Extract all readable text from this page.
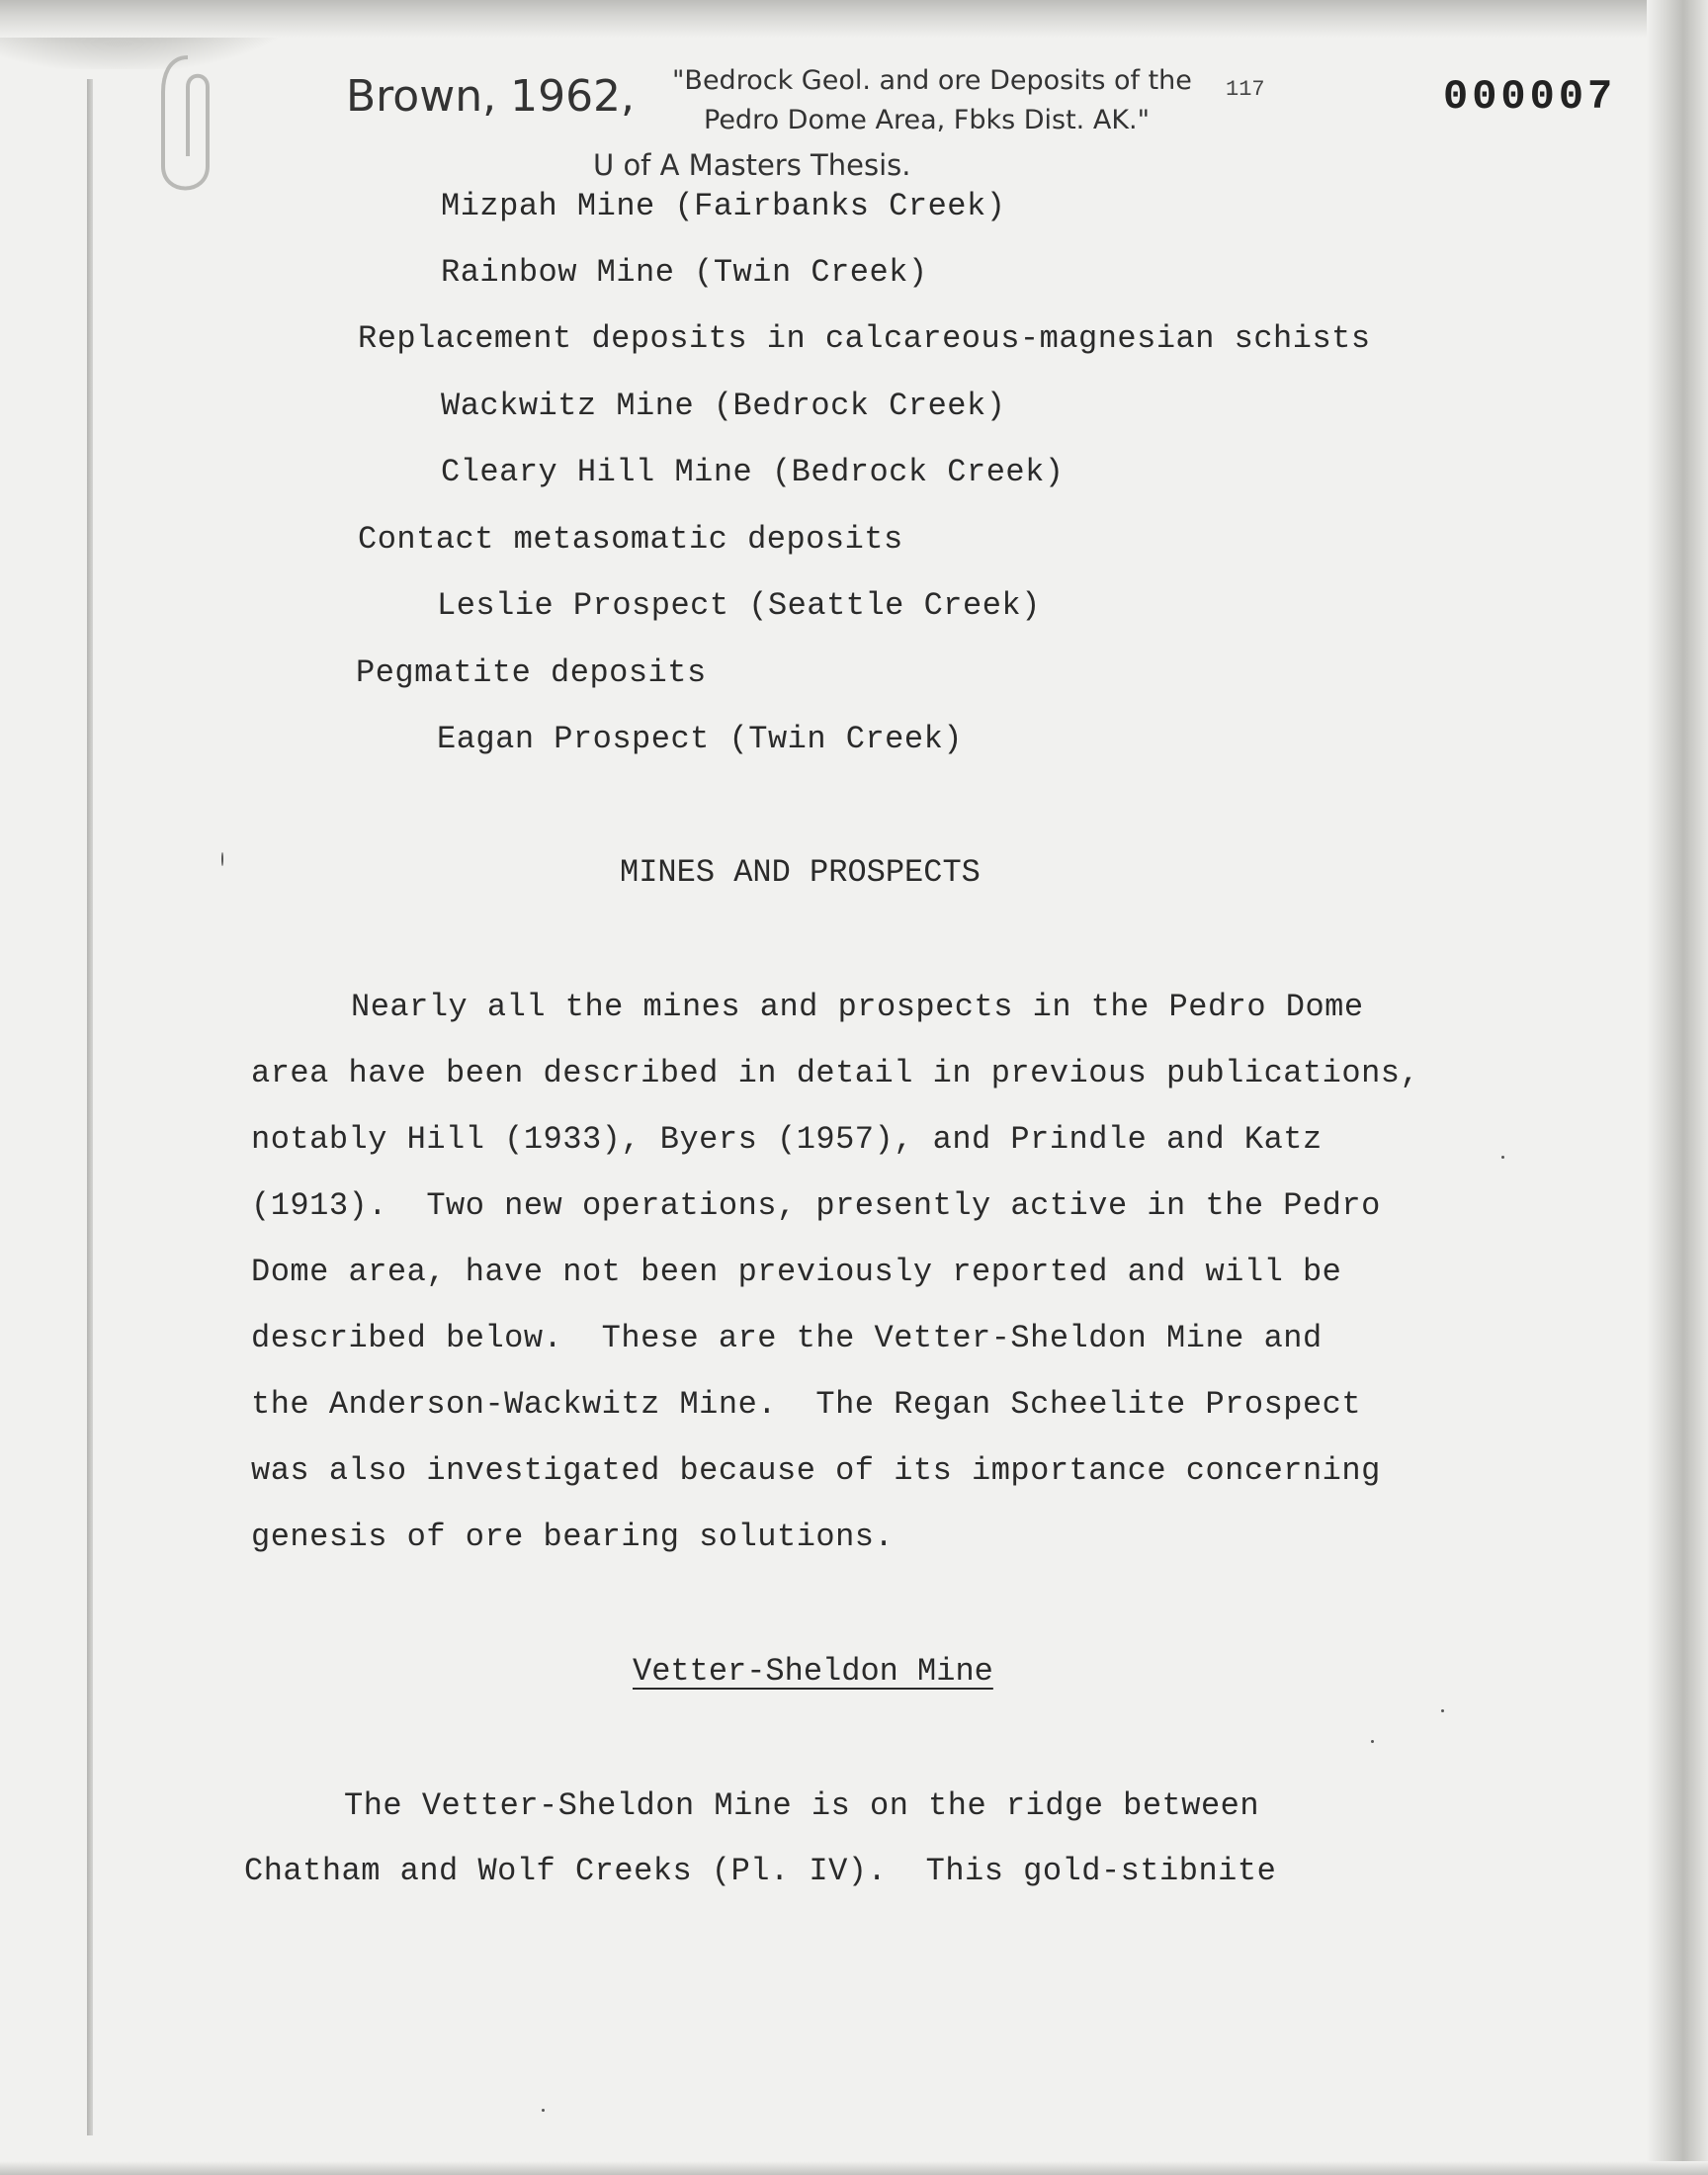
Brown, 1962, "Bedrock Geol. and ore Deposits of the
Pedro Dome Area, Fbks Dist. AK."
U of A Masters Thesis.
117	000007
Mizpah Mine (Fairbanks Creek)
Rainbow Mine (Twin Creek)
Replacement deposits in calcareous-magnesian schists
Wackwitz Mine (Bedrock Creek)
Cleary Hill Mine (Bedrock Creek)
Contact metasomatic deposits
Leslie Prospect (Seattle Creek)
Pegmatite deposits
Eagan Prospect (Twin Creek)
MINES AND PROSPECTS
Nearly all the mines and prospects in the Pedro Dome
area have been described in detail in previous publications,
notably Hill (1933), Byers (1957), and Prindle and Katz
(1913).  Two new operations, presently active in the Pedro
Dome area, have not been previously reported and will be
described below.  These are the Vetter-Sheldon Mine and
the Anderson-Wackwitz Mine.  The Regan Scheelite Prospect
was also investigated because of its importance concerning
genesis of ore bearing solutions.
Vetter-Sheldon Mine
The Vetter-Sheldon Mine is on the ridge between
Chatham and Wolf Creeks (Pl. IV).  This gold-stibnite
